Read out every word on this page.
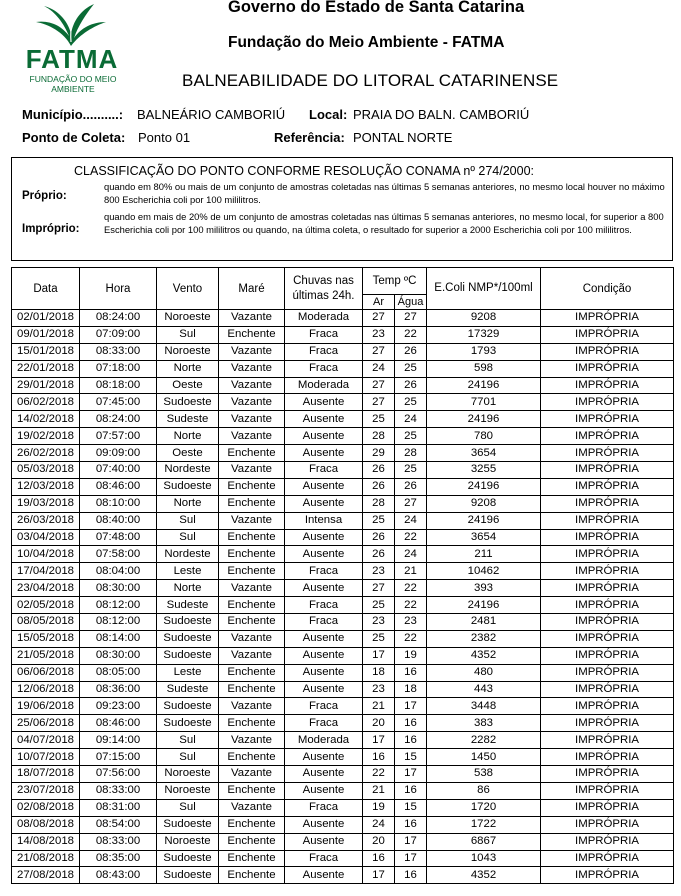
FATMA
FUNDAÇÃO DO MEIO AMBIENTE
Governo do Estado de Santa Catarina
Fundação do Meio Ambiente - FATMA
BALNEABILIDADE DO LITORAL CATARINENSE
Município..........: BALNEÁRIO CAMBORIÚ Local: PRAIA DO BALN. CAMBORIÚ
Ponto de Coleta: Ponto 01	Referência: PONTAL NORTE
CLASSIFICAÇÃO DO PONTO CONFORME RESOLUÇÃO CONAMA nº 274/2000:
Próprio:
quando em 80% ou mais de um conjunto de amostras coletadas nas últimas 5 semanas anteriores, no mesmo local houver no máximo 800 Escherichia coli por 100 mililitros.
Impróprio:
quando em mais de 20% de um conjunto de amostras coletadas nas últimas 5 semanas anteriores, no mesmo local, for superior a 800 Escherichia coli por 100 mililitros ou quando, na última coleta, o resultado for superior a 2000 Escherichia coli por 100 mililitros.
Data	Hora	Vento	Maré	Chuvas nas últimas 24h.	Temp ºC		E.Coli NMP*/100ml	Condição
					Ar	Água		
02/01/2018	08:24:00	Noroeste	Vazante	Moderada	27	27	9208	IMPRÓPRIA
09/01/2018	07:09:00	Sul	Enchente	Fraca	23	22	17329	IMPRÓPRIA
15/01/2018	08:33:00	Noroeste	Vazante	Fraca	27	26	1793	IMPRÓPRIA
22/01/2018	07:18:00	Norte	Vazante	Fraca	24	25	598	IMPRÓPRIA
29/01/2018	08:18:00	Oeste	Vazante	Moderada	27	26	24196	IMPRÓPRIA
06/02/2018	07:45:00	Sudoeste	Vazante	Ausente	27	25	7701	IMPRÓPRIA
14/02/2018	08:24:00	Sudeste	Vazante	Ausente	25	24	24196	IMPRÓPRIA
19/02/2018	07:57:00	Norte	Vazante	Ausente	28	25	780	IMPRÓPRIA
26/02/2018	09:09:00	Oeste	Enchente	Ausente	29	28	3654	IMPRÓPRIA
05/03/2018	07:40:00	Nordeste	Vazante	Fraca	26	25	3255	IMPRÓPRIA
12/03/2018	08:46:00	Sudoeste	Enchente	Ausente	26	26	24196	IMPRÓPRIA
19/03/2018	08:10:00	Norte	Enchente	Ausente	28	27	9208	IMPRÓPRIA
26/03/2018	08:40:00	Sul	Vazante	Intensa	25	24	24196	IMPRÓPRIA
03/04/2018	07:48:00	Sul	Enchente	Ausente	26	22	3654	IMPRÓPRIA
10/04/2018	07:58:00	Nordeste	Enchente	Ausente	26	24	211	IMPRÓPRIA
17/04/2018	08:04:00	Leste	Enchente	Fraca	23	21	10462	IMPRÓPRIA
23/04/2018	08:30:00	Norte	Vazante	Ausente	27	22	393	IMPRÓPRIA
02/05/2018	08:12:00	Sudeste	Enchente	Fraca	25	22	24196	IMPRÓPRIA
08/05/2018	08:12:00	Sudoeste	Enchente	Fraca	23	23	2481	IMPRÓPRIA
15/05/2018	08:14:00	Sudoeste	Vazante	Ausente	25	22	2382	IMPRÓPRIA
21/05/2018	08:30:00	Sudoeste	Vazante	Ausente	17	19	4352	IMPRÓPRIA
06/06/2018	08:05:00	Leste	Enchente	Ausente	18	16	480	IMPRÓPRIA
12/06/2018	08:36:00	Sudeste	Enchente	Ausente	23	18	443	IMPRÓPRIA
19/06/2018	09:23:00	Sudoeste	Vazante	Fraca	21	17	3448	IMPRÓPRIA
25/06/2018	08:46:00	Sudoeste	Enchente	Fraca	20	16	383	IMPRÓPRIA
04/07/2018	09:14:00	Sul	Vazante	Moderada	17	16	2282	IMPRÓPRIA
10/07/2018	07:15:00	Sul	Enchente	Ausente	16	15	1450	IMPRÓPRIA
18/07/2018	07:56:00	Noroeste	Vazante	Ausente	22	17	538	IMPRÓPRIA
23/07/2018	08:33:00	Noroeste	Enchente	Ausente	21	16	86	IMPRÓPRIA
02/08/2018	08:31:00	Sul	Vazante	Fraca	19	15	1720	IMPRÓPRIA
08/08/2018	08:54:00	Sudoeste	Enchente	Ausente	24	16	1722	IMPRÓPRIA
14/08/2018	08:33:00	Noroeste	Enchente	Ausente	20	17	6867	IMPRÓPRIA
21/08/2018	08:35:00	Sudoeste	Enchente	Fraca	16	17	1043	IMPRÓPRIA
27/08/2018	08:43:00	Sudoeste	Enchente	Ausente	17	16	4352	IMPRÓPRIA
